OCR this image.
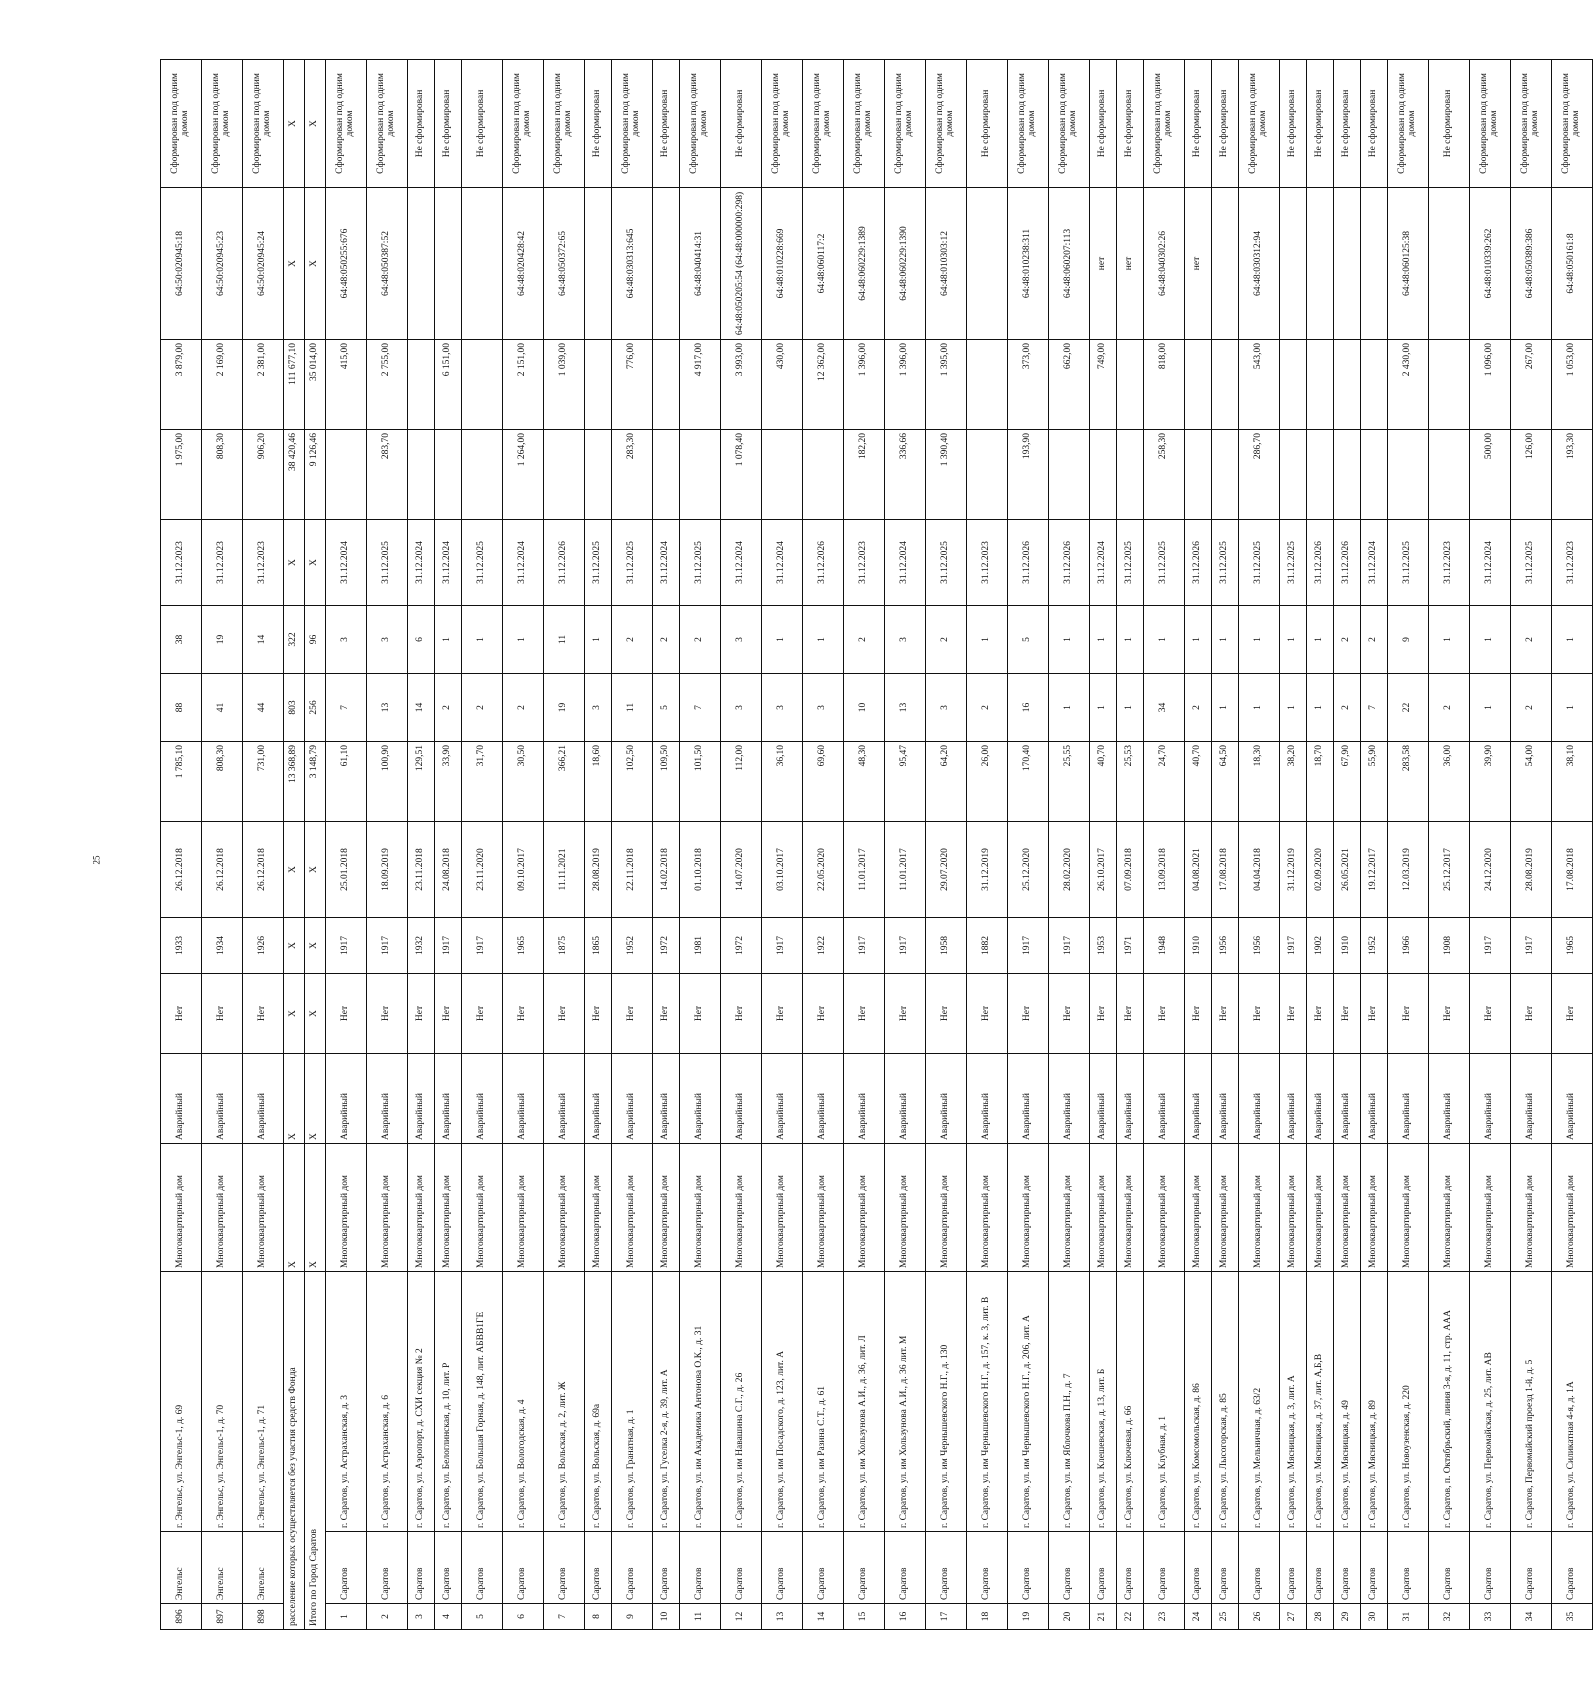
25
896	Энгельс	г. Энгельс, ул. Энгельс-1, д. 69	Многоквартирный дом	Аварийный	Нет	1933	26.12.2018	1 785,10	88	38	31.12.2023	1 975,00	3 879,00	64:50:020945:18	Сформирован под одним домом
897	Энгельс	г. Энгельс, ул. Энгельс-1, д. 70	Многоквартирный дом	Аварийный	Нет	1934	26.12.2018	808,30	41	19	31.12.2023	808,30	2 169,00	64:50:020945:23	Сформирован под одним домом
898	Энгельс	г. Энгельс, ул. Энгельс-1, д. 71	Многоквартирный дом	Аварийный	Нет	1926	26.12.2018	731,00	44	14	31.12.2023	906,20	2 381,00	64:50:020945:24	Сформирован под одним домом
расселение которых осуществляется без участия средств Фонда			X	X	X	X	X	13 368,89	803	322	X	38 420,46	111 677,10	X	X
Итого по Город Саратов			X	X	X	X	X	3 148,79	256	96	X	9 126,46	35 014,00	X	X
1	Саратов	г. Саратов, ул. Астраханская, д. 3	Многоквартирный дом	Аварийный	Нет	1917	25.01.2018	61,10	7	3	31.12.2024		415,00	64:48:050255:676	Сформирован под одним домом
2	Саратов	г. Саратов, ул. Астраханская, д. 6	Многоквартирный дом	Аварийный	Нет	1917	18.09.2019	100,90	13	3	31.12.2025	283,70	2 755,00	64:48:050387:52	Сформирован под одним домом
3	Саратов	г. Саратов, ул. Аэропорт, д. СХИ секция № 2	Многоквартирный дом	Аварийный	Нет	1932	23.11.2018	129,51	14	6	31.12.2024				Не сформирован
4	Саратов	г. Саратов, ул. Белоглинская, д. 10, лит. Р	Многоквартирный дом	Аварийный	Нет	1917	24.08.2018	33,90	2	1	31.12.2024		6 151,00		Не сформирован
5	Саратов	г. Саратов, ул. Большая Горная, д. 148, лит. АБВВ1ГЕ	Многоквартирный дом	Аварийный	Нет	1917	23.11.2020	31,70	2	1	31.12.2025				Не сформирован
6	Саратов	г. Саратов, ул. Вологодская, д. 4	Многоквартирный дом	Аварийный	Нет	1965	09.10.2017	30,50	2	1	31.12.2024	1 264,00	2 151,00	64:48:020428:42	Сформирован под одним домом
7	Саратов	г. Саратов, ул. Вольская, д. 2, лит. Ж	Многоквартирный дом	Аварийный	Нет	1875	11.11.2021	366,21	19	11	31.12.2026		1 039,00	64:48:050372:65	Сформирован под одним домом
8	Саратов	г. Саратов, ул. Вольская, д. 69а	Многоквартирный дом	Аварийный	Нет	1865	28.08.2019	18,60	3	1	31.12.2025				Не сформирован
9	Саратов	г. Саратов, ул. Гранатная, д. 1	Многоквартирный дом	Аварийный	Нет	1952	22.11.2018	102,50	11	2	31.12.2025	283,30	776,00	64:48:030313:645	Сформирован под одним домом
10	Саратов	г. Саратов, ул. Гуселка 2-я, д. 39, лит. А	Многоквартирный дом	Аварийный	Нет	1972	14.02.2018	109,50	5	2	31.12.2024				Не сформирован
11	Саратов	г. Саратов, ул. им Академика Антонова О.К., д. 31	Многоквартирный дом	Аварийный	Нет	1981	01.10.2018	101,50	7	2	31.12.2025		4 917,00	64:48:040414:31	Сформирован под одним домом
12	Саратов	г. Саратов, ул. им Навашина С.Г., д. 26	Многоквартирный дом	Аварийный	Нет	1972	14.07.2020	112,00	3	3	31.12.2024	1 078,40	3 993,00	64:48:050205:54 (64:48:000000:298)	Не сформирован
13	Саратов	г. Саратов, ул. им Посадского, д. 123, лит. А	Многоквартирный дом	Аварийный	Нет	1917	03.10.2017	36,10	3	1	31.12.2024		430,00	64:48:010228:669	Сформирован под одним домом
14	Саратов	г. Саратов, ул. им Разина С.Т., д. 61	Многоквартирный дом	Аварийный	Нет	1922	22.05.2020	69,60	3	1	31.12.2026		12 362,00	64:48:060117:2	Сформирован под одним домом
15	Саратов	г. Саратов, ул. им Хользунова А.И., д. 36, лит. Л	Многоквартирный дом	Аварийный	Нет	1917	11.01.2017	48,30	10	2	31.12.2023	182,20	1 396,00	64:48:060229:1389	Сформирован под одним домом
16	Саратов	г. Саратов, ул. им Хользунова А.И., д. 36 лит. М	Многоквартирный дом	Аварийный	Нет	1917	11.01.2017	95,47	13	3	31.12.2024	336,66	1 396,00	64:48:060229:1390	Сформирован под одним домом
17	Саратов	г. Саратов, ул. им Чернышевского Н.Г., д. 130	Многоквартирный дом	Аварийный	Нет	1958	29.07.2020	64,20	3	2	31.12.2025	1 390,40	1 395,00	64:48:010303:12	Сформирован под одним домом
18	Саратов	г. Саратов, ул. им Чернышевского Н.Г., д. 157, к. 3, лит. В	Многоквартирный дом	Аварийный	Нет	1882	31.12.2019	26,00	2	1	31.12.2023				Не сформирован
19	Саратов	г. Саратов, ул. им Чернышевского Н.Г., д. 206, лит. А	Многоквартирный дом	Аварийный	Нет	1917	25.12.2020	170,40	16	5	31.12.2026	193,90	373,00	64:48:010238:311	Сформирован под одним домом
20	Саратов	г. Саратов, ул. им Яблочкова П.Н., д. 7	Многоквартирный дом	Аварийный	Нет	1917	28.02.2020	25,55	1	1	31.12.2026		662,00	64:48:060207:113	Сформирован под одним домом
21	Саратов	г. Саратов, ул. Клешевская, д. 13, лит. Б	Многоквартирный дом	Аварийный	Нет	1953	26.10.2017	40,70	1	1	31.12.2024		749,00	нет	Не сформирован
22	Саратов	г. Саратов, ул. Ключевая, д. 66	Многоквартирный дом	Аварийный	Нет	1971	07.09.2018	25,53	1	1	31.12.2025			нет	Не сформирован
23	Саратов	г. Саратов, ул. Клубная, д. 1	Многоквартирный дом	Аварийный	Нет	1948	13.09.2018	24,70	34	1	31.12.2025	258,30	818,00	64:48:040302:26	Сформирован под одним домом
24	Саратов	г. Саратов, ул. Комсомольская, д. 86	Многоквартирный дом	Аварийный	Нет	1910	04.08.2021	40,70	2	1	31.12.2026			нет	Не сформирован
25	Саратов	г. Саратов, ул. Лысогорская, д. 85	Многоквартирный дом	Аварийный	Нет	1956	17.08.2018	64,50	1	1	31.12.2025				Не сформирован
26	Саратов	г. Саратов, ул. Мельничная, д. 63/2	Многоквартирный дом	Аварийный	Нет	1956	04.04.2018	18,30	1	1	31.12.2025	286,70	543,00	64:48:030312:94	Сформирован под одним домом
27	Саратов	г. Саратов, ул. Мясницкая, д. 3, лит. А	Многоквартирный дом	Аварийный	Нет	1917	31.12.2019	38,20	1	1	31.12.2025				Не сформирован
28	Саратов	г. Саратов, ул. Мясницкая, д. 37, лит. А,Б,В	Многоквартирный дом	Аварийный	Нет	1902	02.09.2020	18,70	1	1	31.12.2026				Не сформирован
29	Саратов	г. Саратов, ул. Мясницкая, д. 49	Многоквартирный дом	Аварийный	Нет	1910	26.05.2021	67,90	2	2	31.12.2026				Не сформирован
30	Саратов	г. Саратов, ул. Мясницкая, д. 89	Многоквартирный дом	Аварийный	Нет	1952	19.12.2017	55,90	7	2	31.12.2024				Не сформирован
31	Саратов	г. Саратов, ул. Новоузенская, д. 220	Многоквартирный дом	Аварийный	Нет	1966	12.03.2019	283,58	22	9	31.12.2025		2 430,00	64:48:060125:38	Сформирован под одним домом
32	Саратов	г. Саратов, п. Октябрьский, линия 3-я, д. 11, стр. ААА	Многоквартирный дом	Аварийный	Нет	1908	25.12.2017	36,00	2	1	31.12.2023				Не сформирован
33	Саратов	г. Саратов, ул. Первомайская, д. 25, лит. АВ	Многоквартирный дом	Аварийный	Нет	1917	24.12.2020	39,90	1	1	31.12.2024	500,00	1 096,00	64:48:010339:262	Сформирован под одним домом
34	Саратов	г. Саратов, Первомайский проезд 1-й, д. 5	Многоквартирный дом	Аварийный	Нет	1917	28.08.2019	54,00	2	2	31.12.2025	126,00	267,00	64:48:050389:386	Сформирован под одним домом
35	Саратов	г. Саратов, ул. Силикатная 4-я, д. 1А	Многоквартирный дом	Аварийный	Нет	1965	17.08.2018	38,10	1	1	31.12.2023	193,30	1 053,00	64:48:050161:8	Сформирован под одним домом
